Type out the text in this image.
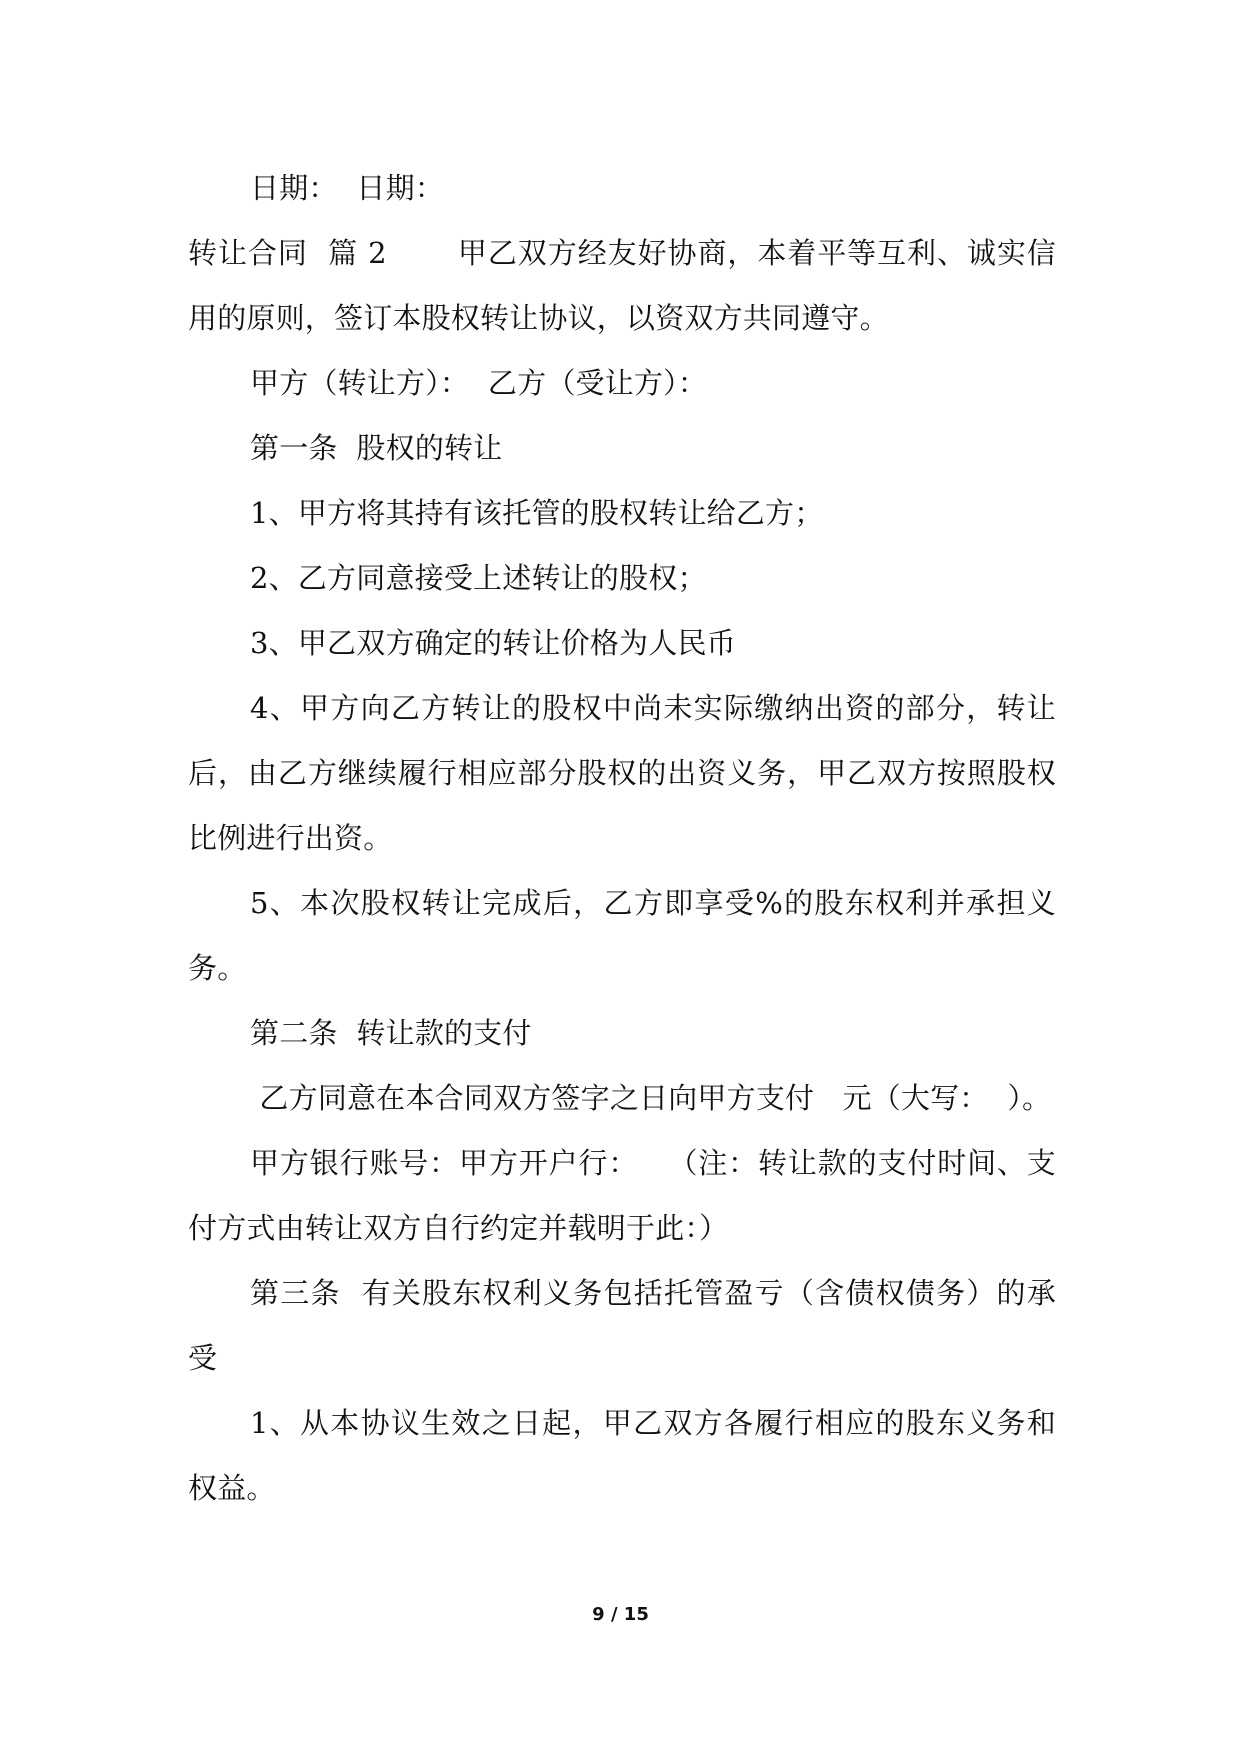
日期：  日期：

转让合同  篇 2       甲乙双方经友好协商，本着平等互利、诚实信用的原则，签订本股权转让协议，以资双方共同遵守。

甲方（转让方）：  乙方（受让方）：

第一条  股权的转让

1、甲方将其持有该托管的股权转让给乙方；

2、乙方同意接受上述转让的股权；

3、甲乙双方确定的转让价格为人民币

4、甲方向乙方转让的股权中尚未实际缴纳出资的部分，转让后，由乙方继续履行相应部分股权的出资义务，甲乙双方按照股权比例进行出资。

5、本次股权转让完成后，乙方即享受%的股东权利并承担义务。

第二条  转让款的支付

乙方同意在本合同双方签字之日向甲方支付   元（大写：  ）。

甲方银行账号：甲方开户行：   （注：转让款的支付时间、支付方式由转让双方自行约定并载明于此：）

第三条  有关股东权利义务包括托管盈亏（含债权债务）的承受

1、从本协议生效之日起，甲乙双方各履行相应的股东义务和权益。

9 / 15
